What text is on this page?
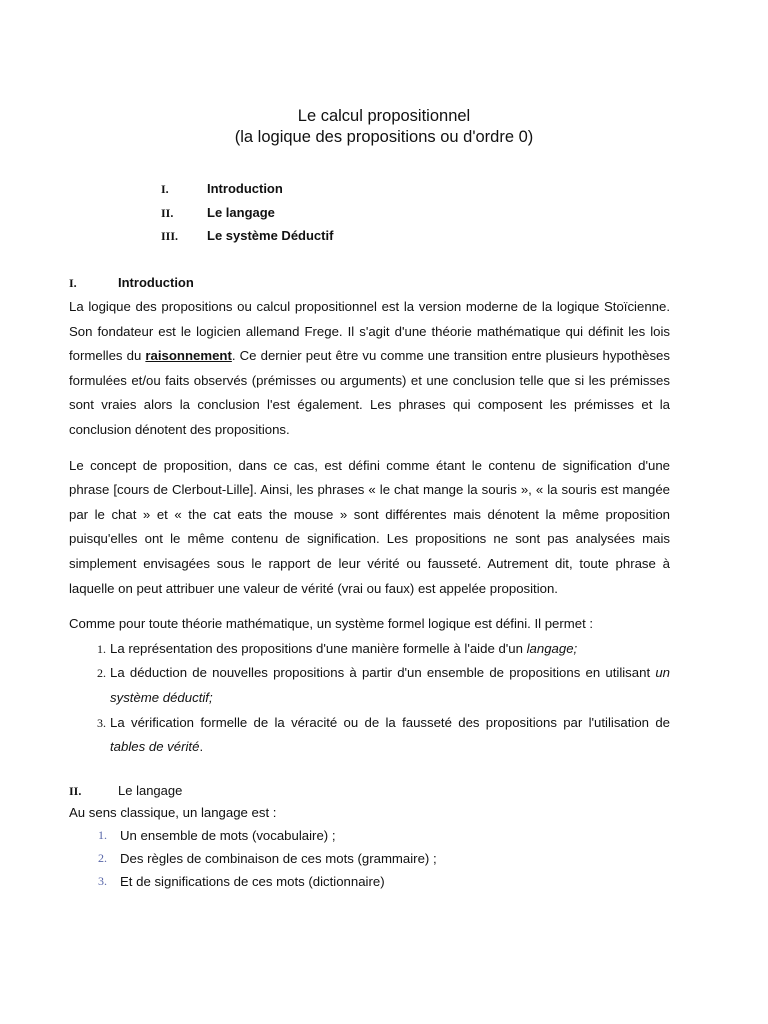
Le calcul propositionnel
(la logique des propositions ou d'ordre 0)
I.	Introduction
II.	Le langage
III.	Le système Déductif
I.	Introduction

La logique des propositions ou calcul propositionnel est la version moderne de la logique Stoïcienne. Son fondateur est le logicien allemand Frege. Il s'agit d'une théorie mathématique qui définit les lois formelles du raisonnement. Ce dernier peut être vu comme une transition entre plusieurs hypothèses formulées et/ou faits observés (prémisses ou arguments) et une conclusion telle que si les prémisses sont vraies alors la conclusion l'est également. Les phrases qui composent les prémisses et la conclusion dénotent des propositions.

Le concept de proposition, dans ce cas, est défini comme étant le contenu de signification d'une phrase [cours de Clerbout-Lille]. Ainsi, les phrases « le chat mange la souris », « la souris est mangée par le chat » et « the cat eats the mouse » sont différentes mais dénotent la même proposition puisqu'elles ont le même contenu de signification. Les propositions ne sont pas analysées mais simplement envisagées sous le rapport de leur vérité ou fausseté. Autrement dit, toute phrase à laquelle on peut attribuer une valeur de vérité (vrai ou faux) est appelée proposition.

Comme pour toute théorie mathématique, un système formel logique est défini. Il permet :

1. La représentation des propositions d'une manière formelle à l'aide d'un langage;
2. La déduction de nouvelles propositions à partir d'un ensemble de propositions en utilisant un système déductif;
3. La vérification formelle de la véracité ou de la fausseté des propositions par l'utilisation de tables de vérité.
II.	Le langage
Au sens classique, un langage est :
1. Un ensemble de mots (vocabulaire) ;
2. Des règles de combinaison de ces mots (grammaire) ;
3. Et de significations de ces mots (dictionnaire)
